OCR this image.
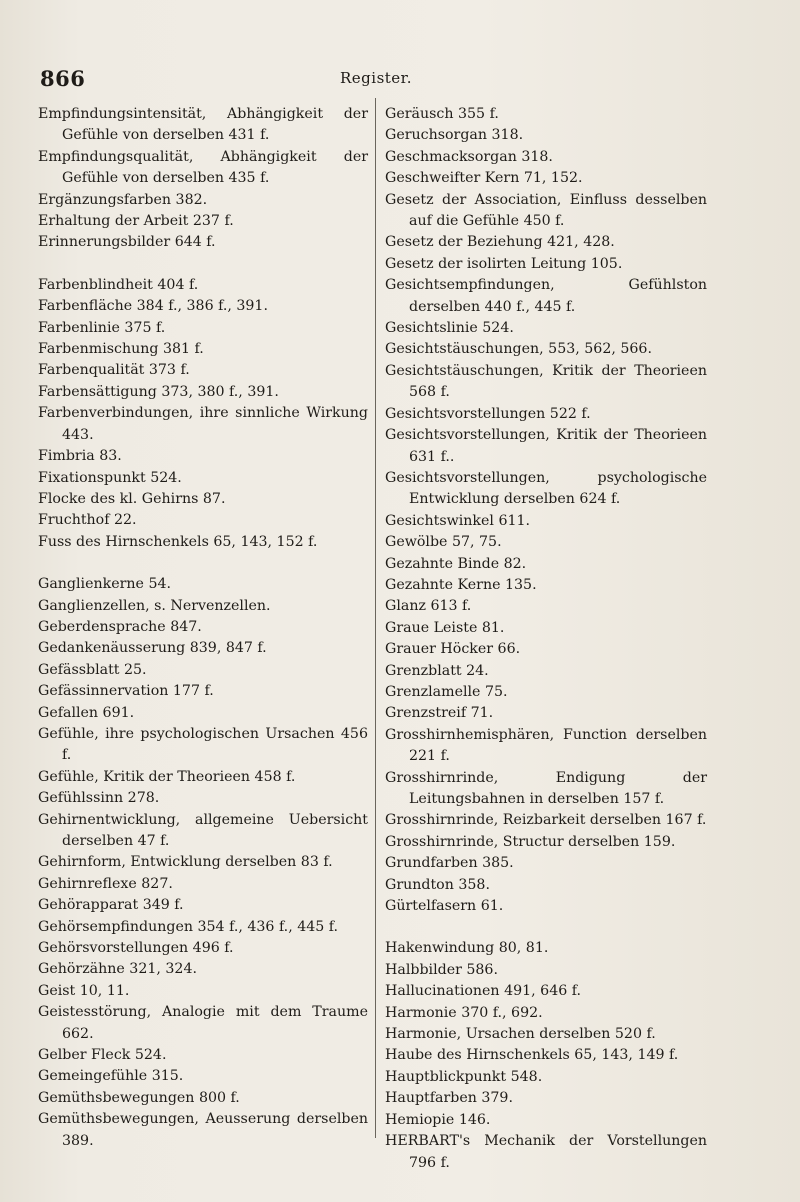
866	Register.

Empfindungsintensität, Abhängigkeit der Gefühle von derselben 431 f.

Empfindungsqualität, Abhängigkeit der Gefühle von derselben 435 f.

Ergänzungsfarben 382.

Erhaltung der Arbeit 237 f.

Erinnerungsbilder 644 f.

Farbenblindheit 404 f.

Farbenfläche 384 f., 386 f., 391.

Farbenlinie 375 f.

Farbenmischung 381 f.

Farbenqualität 373 f.

Farbensättigung 373, 380 f., 391.

Farbenverbindungen, ihre sinnliche Wirkung 443.

Fimbria 83.

Fixationspunkt 524.

Flocke des kl. Gehirns 87.

Fruchthof 22.

Fuss des Hirnschenkels 65, 143, 152 f.

Ganglienkerne 54.

Ganglienzellen, s. Nervenzellen.

Geberdensprache 847.

Gedankenäusserung 839, 847 f.

Gefässblatt 25.

Gefässinnervation 177 f.

Gefallen 691.

Gefühle, ihre psychologischen Ursachen 456 f.

Gefühle, Kritik der Theorieen 458 f.

Gefühlssinn 278.

Gehirnentwicklung, allgemeine Uebersicht derselben 47 f.

Gehirnform, Entwicklung derselben 83 f.

Gehirnreflexe 827.

Gehörapparat 349 f.

Gehörsempfindungen 354 f., 436 f., 445 f.

Gehörsvorstellungen 496 f.

Gehörzähne 321, 324.

Geist 10, 11.

Geistesstörung, Analogie mit dem Traume 662.

Gelber Fleck 524.

Gemeingefühle 315.

Gemüthsbewegungen 800 f.

Gemüthsbewegungen, Aeusserung derselben 389.

Geräusch 355 f.

Geruchsorgan 318.

Geschmacksorgan 318.

Geschweifter Kern 71, 152.

Gesetz der Association, Einfluss desselben auf die Gefühle 450 f.

Gesetz der Beziehung 421, 428.

Gesetz der isolirten Leitung 105.

Gesichtsempfindungen, Gefühlston derselben 440 f., 445 f.

Gesichtslinie 524.

Gesichtstäuschungen, 553, 562, 566.

Gesichtstäuschungen, Kritik der Theorieen 568 f.

Gesichtsvorstellungen 522 f.

Gesichtsvorstellungen, Kritik der Theorieen 631 f..

Gesichtsvorstellungen, psychologische Entwicklung derselben 624 f.

Gesichtswinkel 611.

Gewölbe 57, 75.

Gezahnte Binde 82.

Gezahnte Kerne 135.

Glanz 613 f.

Graue Leiste 81.

Grauer Höcker 66.

Grenzblatt 24.

Grenzlamelle 75.

Grenzstreif 71.

Grosshirnhemisphären, Function derselben 221 f.

Grosshirnrinde, Endigung der Leitungsbahnen in derselben 157 f.

Grosshirnrinde, Reizbarkeit derselben 167 f.

Grosshirnrinde, Structur derselben 159.

Grundfarben 385.

Grundton 358.

Gürtelfasern 61.

Hakenwindung 80, 81.

Halbbilder 586.

Hallucinationen 491, 646 f.

Harmonie 370 f., 692.

Harmonie, Ursachen derselben 520 f.

Haube des Hirnschenkels 65, 143, 149 f.

Hauptblickpunkt 548.

Hauptfarben 379.

Hemiopie 146.

HERBART's Mechanik der Vorstellungen 796 f.
